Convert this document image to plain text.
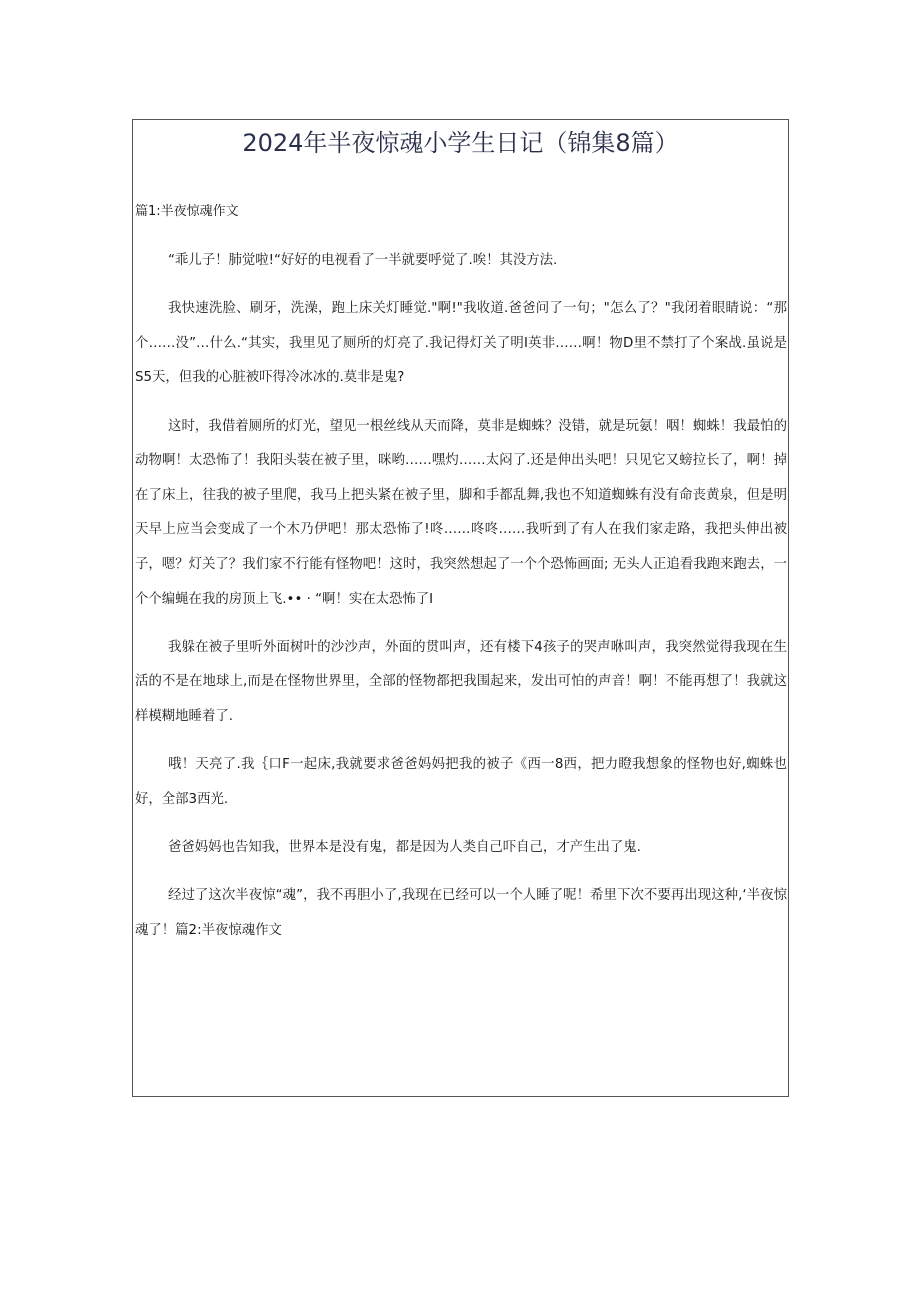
2024年半夜惊魂小学生日记（锦集8篇）
篇1:半夜惊魂作文

“乖儿子！肺觉啦!“好好的电视看了一半就要呼觉了.唉！其没方法.

我快速洗脸、刷牙，洗澡，跑上床关灯睡觉."啊!"我收道.爸爸问了一句；"怎么了？"我闭着眼睛说：“那个……没”…什么.“其实，我里见了厕所的灯亮了.我记得灯关了明I英非……啊！物D里不禁打了个案战.虽说是S5天，但我的心脏被吓得冷冰冰的.莫非是鬼?

这时，我借着厕所的灯光，望见一根丝线从天而降，莫非是蜘蛛？没错，就是玩氨！咽！蜘蛛！我最怕的动物啊！太恐怖了！我阳头装在被子里，咪哟……嘿灼……太闷了.还是伸出头吧！只见它又螃拉长了，啊！掉在了床上，往我的被子里爬，我马上把头紧在被子里，脚和手都乱舞,我也不知道蜘蛛有没有命丧黄泉，但是明天早上应当会变成了一个木乃伊吧！那太恐怖了!咚……咚咚……我听到了有人在我们家走路，我把头伸出被子，嗯？灯关了？我们家不行能有怪物吧！这时，我突然想起了一个个恐怖画面; 无头人正追看我跑来跑去，一个个编蝇在我的房顶上飞.•• · “啊！实在太恐怖了I

我躲在被子里听外面树叶的沙沙声，外面的贯叫声，还有楼下4孩子的哭声咻叫声，我突然觉得我现在生活的不是在地球上,而是在怪物世界里，全部的怪物都把我围起来，发出可怕的声音！啊！不能再想了！我就这样模糊地睡着了.

哦！天亮了.我｛口F一起床,我就要求爸爸妈妈把我的被子《西一8西，把力瞪我想象的怪物也好,蜘蛛也好，全部3西光.

爸爸妈妈也告知我，世界本是没有鬼，都是因为人类自己吓自己，才产生出了鬼.

经过了这次半夜惊“魂”，我不再胆小了,我现在已经可以一个人睡了呢！希里下次不要再出现这种,‘半夜惊魂了！篇2:半夜惊魂作文
